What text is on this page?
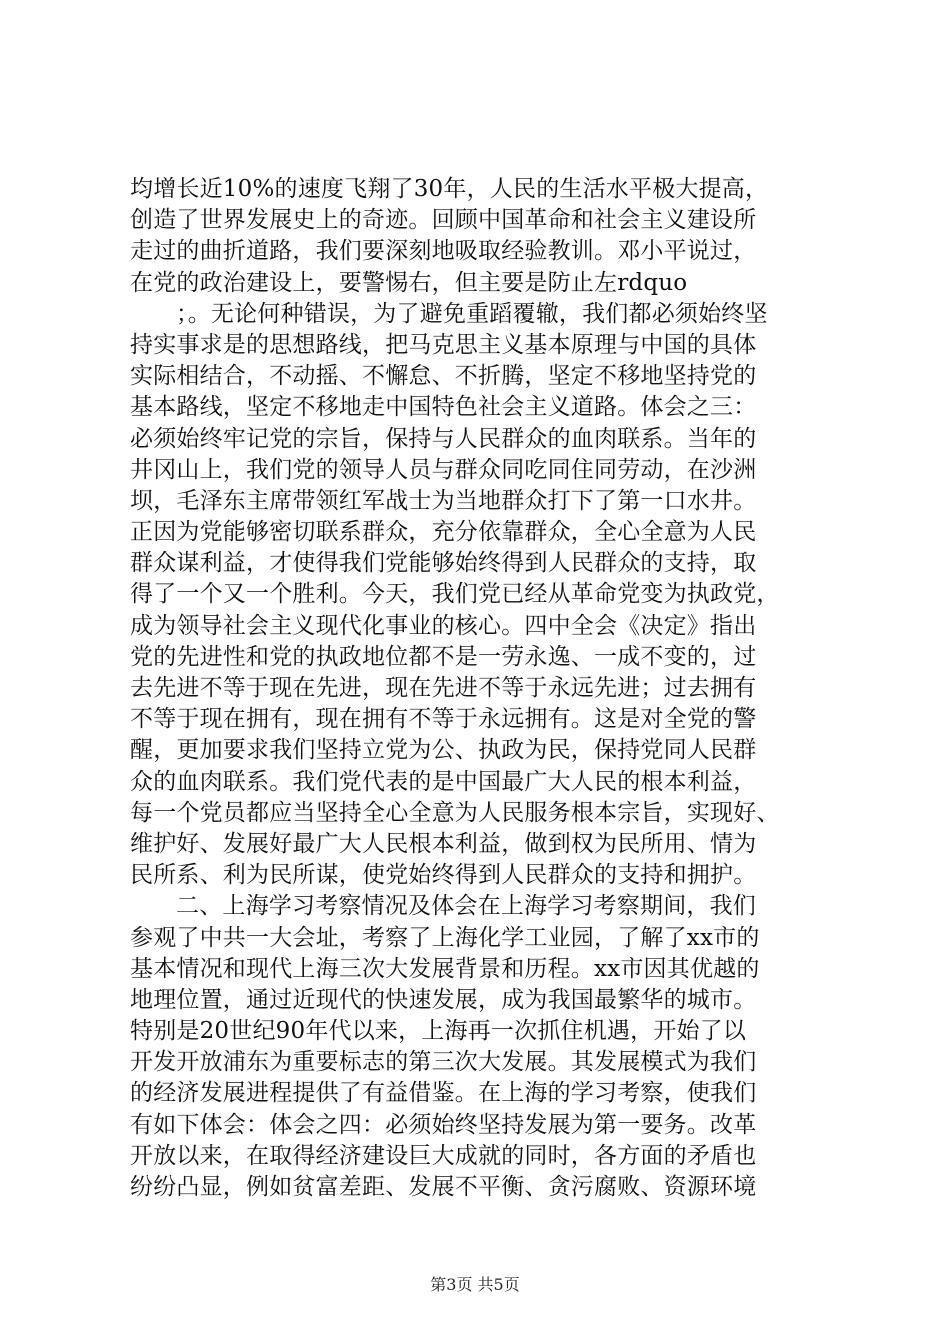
均增长近10%的速度飞翔了30年，人民的生活水平极大提高，
创造了世界发展史上的奇迹。回顾中国革命和社会主义建设所
走过的曲折道路，我们要深刻地吸取经验教训。邓小平说过，
在党的政治建设上，要警惕右，但主要是防止左rdquo
；。无论何种错误，为了避免重蹈覆辙，我们都必须始终坚
持实事求是的思想路线，把马克思主义基本原理与中国的具体
实际相结合，不动摇、不懈怠、不折腾，坚定不移地坚持党的
基本路线，坚定不移地走中国特色社会主义道路。体会之三：
必须始终牢记党的宗旨，保持与人民群众的血肉联系。当年的
井冈山上，我们党的领导人员与群众同吃同住同劳动，在沙洲
坝，毛泽东主席带领红军战士为当地群众打下了第一口水井。
正因为党能够密切联系群众，充分依靠群众，全心全意为人民
群众谋利益，才使得我们党能够始终得到人民群众的支持，取
得了一个又一个胜利。今天，我们党已经从革命党变为执政党，
成为领导社会主义现代化事业的核心。四中全会《决定》指出
党的先进性和党的执政地位都不是一劳永逸、一成不变的，过
去先进不等于现在先进，现在先进不等于永远先进；过去拥有
不等于现在拥有，现在拥有不等于永远拥有。这是对全党的警
醒，更加要求我们坚持立党为公、执政为民，保持党同人民群
众的血肉联系。我们党代表的是中国最广大人民的根本利益，
每一个党员都应当坚持全心全意为人民服务根本宗旨，实现好、
维护好、发展好最广大人民根本利益，做到权为民所用、情为
民所系、利为民所谋，使党始终得到人民群众的支持和拥护。
二、上海学习考察情况及体会在上海学习考察期间，我们
参观了中共一大会址，考察了上海化学工业园，了解了xx市的
基本情况和现代上海三次大发展背景和历程。xx市因其优越的
地理位置，通过近现代的快速发展，成为我国最繁华的城市。
特别是20世纪90年代以来，上海再一次抓住机遇，开始了以
开发开放浦东为重要标志的第三次大发展。其发展模式为我们
的经济发展进程提供了有益借鉴。在上海的学习考察，使我们
有如下体会：体会之四：必须始终坚持发展为第一要务。改革
开放以来，在取得经济建设巨大成就的同时，各方面的矛盾也
纷纷凸显，例如贫富差距、发展不平衡、贪污腐败、资源环境
第3页 共5页
